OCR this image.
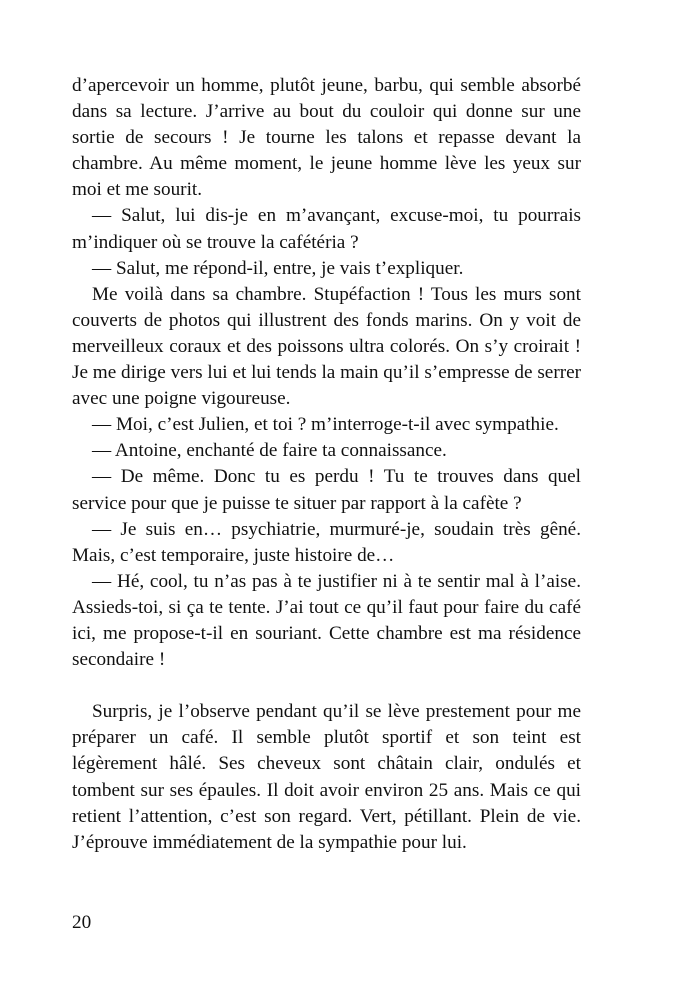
d’apercevoir un homme, plutôt jeune, barbu, qui semble absorbé dans sa lecture. J’arrive au bout du couloir qui donne sur une sortie de secours ! Je tourne les talons et repasse devant la chambre. Au même moment, le jeune homme lève les yeux sur moi et me sourit.

— Salut, lui dis-je en m’avançant, excuse-moi, tu pourrais m’indiquer où se trouve la cafétéria ?

— Salut, me répond-il, entre, je vais t’expliquer.

Me voilà dans sa chambre. Stupéfaction ! Tous les murs sont couverts de photos qui illustrent des fonds marins. On y voit de merveilleux coraux et des poissons ultra colorés. On s’y croirait ! Je me dirige vers lui et lui tends la main qu’il s’empresse de serrer avec une poigne vigoureuse.

— Moi, c’est Julien, et toi ? m’interroge-t-il avec sympathie.

— Antoine, enchanté de faire ta connaissance.

— De même. Donc tu es perdu ! Tu te trouves dans quel service pour que je puisse te situer par rapport à la cafète ?

— Je suis en… psychiatrie, murmuré-je, soudain très gêné. Mais, c’est temporaire, juste histoire de…

— Hé, cool, tu n’as pas à te justifier ni à te sentir mal à l’aise. Assieds-toi, si ça te tente. J’ai tout ce qu’il faut pour faire du café ici, me propose-t-il en souriant. Cette chambre est ma résidence secondaire !

Surpris, je l’observe pendant qu’il se lève prestement pour me préparer un café. Il semble plutôt sportif et son teint est légèrement hâlé. Ses cheveux sont châtain clair, ondulés et tombent sur ses épaules. Il doit avoir environ 25 ans. Mais ce qui retient l’attention, c’est son regard. Vert, pétillant. Plein de vie. J’éprouve immédiatement de la sympathie pour lui.

20
